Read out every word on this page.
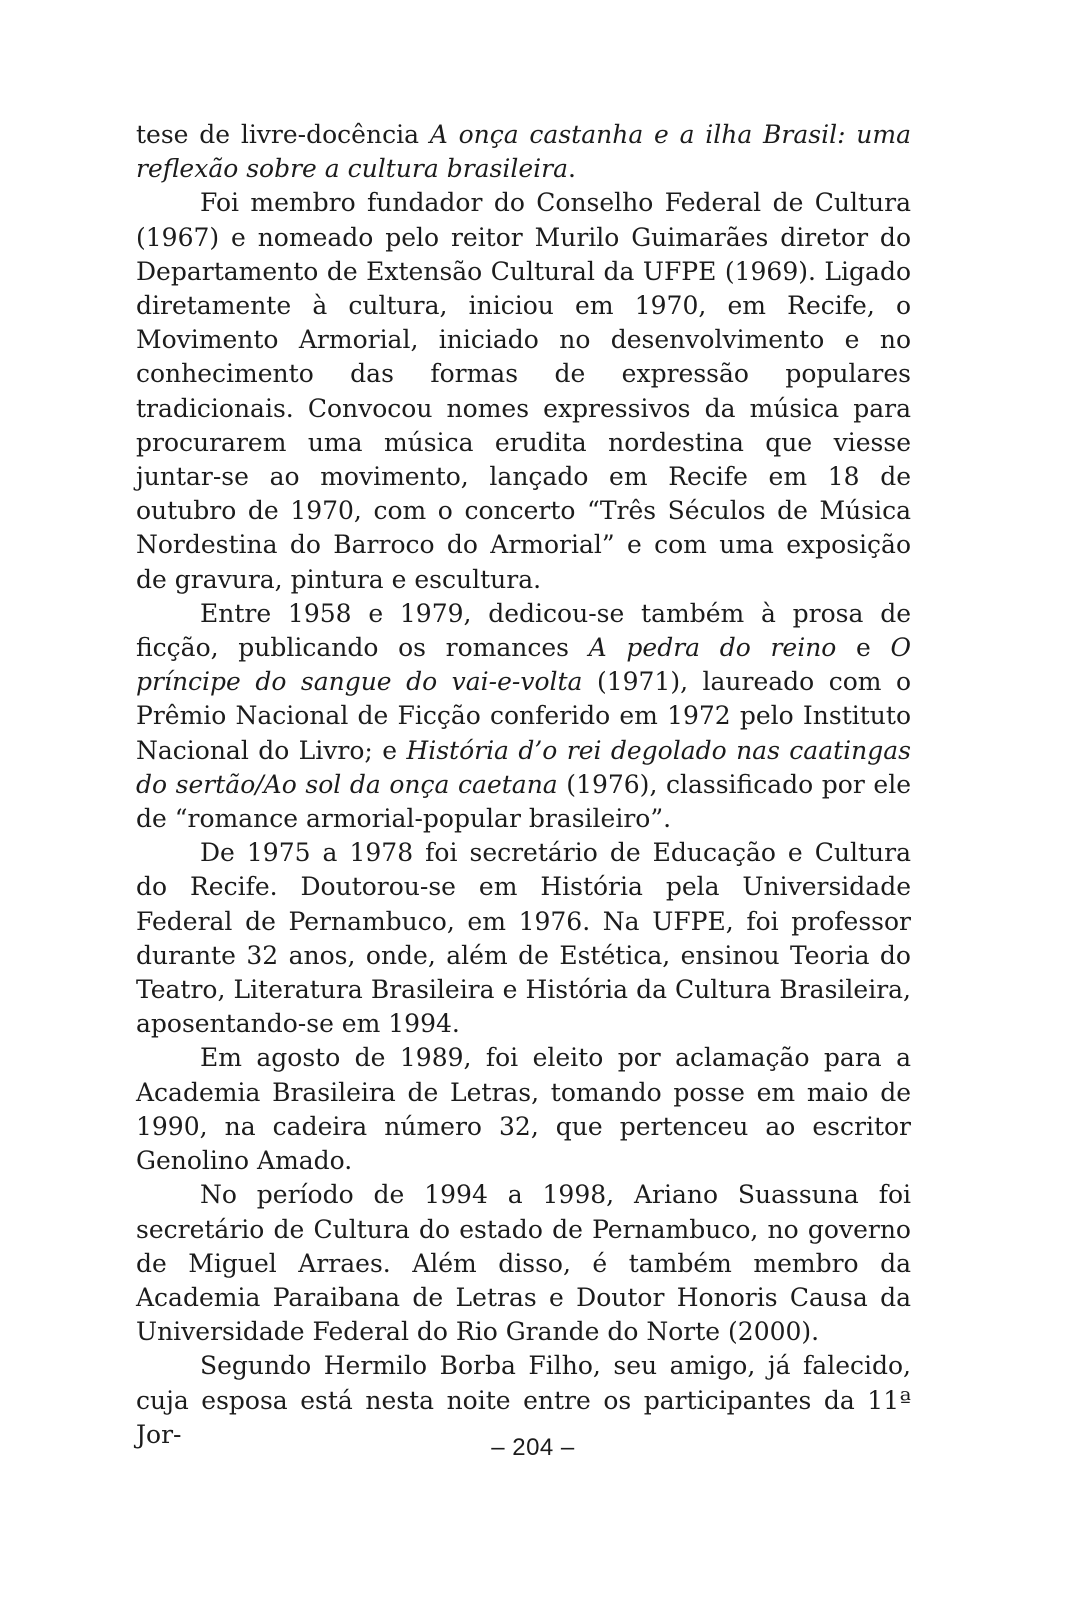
tese de livre-docência A onça castanha e a ilha Brasil: uma reflexão sobre a cultura brasileira.

Foi membro fundador do Conselho Federal de Cultura (1967) e nomeado pelo reitor Murilo Guimarães diretor do Departamento de Extensão Cultural da UFPE (1969). Ligado diretamente à cultura, iniciou em 1970, em Recife, o Movimento Armorial, iniciado no desenvolvimento e no conhecimento das formas de expressão populares tradicionais. Convocou nomes expressivos da música para procurarem uma música erudita nordestina que viesse juntar-se ao movimento, lançado em Recife em 18 de outubro de 1970, com o concerto “Três Séculos de Música Nordestina do Barroco do Armorial” e com uma exposição de gravura, pintura e escultura.

Entre 1958 e 1979, dedicou-se também à prosa de ficção, publicando os romances A pedra do reino e O príncipe do sangue do vai-e-volta (1971), laureado com o Prêmio Nacional de Ficção conferido em 1972 pelo Instituto Nacional do Livro; e História d’o rei degolado nas caatingas do sertão/Ao sol da onça caetana (1976), classificado por ele de “romance armorial-popular brasileiro”.

De 1975 a 1978 foi secretário de Educação e Cultura do Recife. Doutorou-se em História pela Universidade Federal de Pernambuco, em 1976. Na UFPE, foi professor durante 32 anos, onde, além de Estética, ensinou Teoria do Teatro, Literatura Brasileira e História da Cultura Brasileira, aposentando-se em 1994.

Em agosto de 1989, foi eleito por aclamação para a Academia Brasileira de Letras, tomando posse em maio de 1990, na cadeira número 32, que pertenceu ao escritor Genolino Amado.

No período de 1994 a 1998, Ariano Suassuna foi secretário de Cultura do estado de Pernambuco, no governo de Miguel Arraes. Além disso, é também membro da Academia Paraibana de Letras e Doutor Honoris Causa da Universidade Federal do Rio Grande do Norte (2000).

Segundo Hermilo Borba Filho, seu amigo, já falecido, cuja esposa está nesta noite entre os participantes da 11ª Jor-	– 204 –
